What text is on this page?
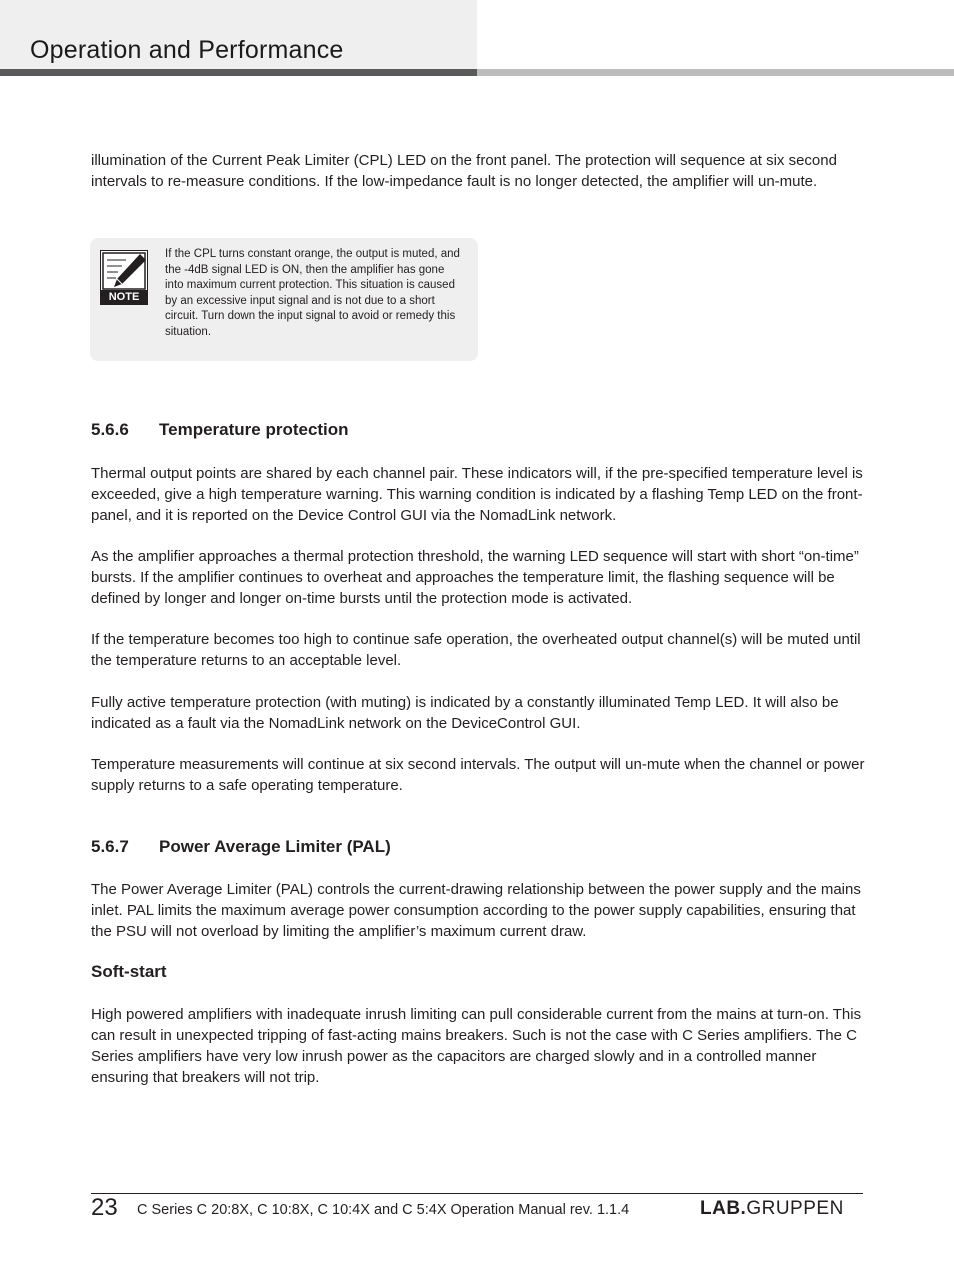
Operation and Performance

illumination of the Current Peak Limiter (CPL) LED on the front panel. The protection will sequence at six second intervals to re-measure conditions. If the low-impedance fault is no longer detected, the amplifier will un-mute.

NOTE

If the CPL turns constant orange, the output is muted, and the -4dB signal LED is ON, then the amplifier has gone into maximum current protection. This situation is caused by an excessive input signal and is not due to a short circuit. Turn down the input signal to avoid or remedy this situation.

5.6.6 Temperature protection

Thermal output points are shared by each channel pair. These indicators will, if the pre-specified temperature level is exceeded, give a high temperature warning. This warning condition is indicated by a flashing Temp LED on the front-panel, and it is reported on the Device Control GUI via the NomadLink network.

As the amplifier approaches a thermal protection threshold, the warning LED sequence will start with short “on-time” bursts. If the amplifier continues to overheat and approaches the temperature limit, the flashing sequence will be defined by longer and longer on-time bursts until the protection mode is activated.

If the temperature becomes too high to continue safe operation, the overheated output channel(s) will be muted until the temperature returns to an acceptable level.

Fully active temperature protection (with muting) is indicated by a constantly illuminated Temp LED. It will also be indicated as a fault via the NomadLink network on the DeviceControl GUI.

Temperature measurements will continue at six second intervals. The output will un-mute when the channel or power supply returns to a safe operating temperature.

5.6.7 Power Average Limiter (PAL)

The Power Average Limiter (PAL) controls the current-drawing relationship between the power supply and the mains inlet. PAL limits the maximum average power consumption according to the power supply capabilities, ensuring that the PSU will not overload by limiting the amplifier’s maximum current draw.

Soft-start

High powered amplifiers with inadequate inrush limiting can pull considerable current from the mains at turn-on. This can result in unexpected tripping of fast-acting mains breakers. Such is not the case with C Series amplifiers. The C Series amplifiers have very low inrush power as the capacitors are charged slowly and in a controlled manner ensuring that breakers will not trip.

23 C Series C 20:8X, C 10:8X, C 10:4X and C 5:4X Operation Manual rev. 1.1.4	LAB.GRUPPEN
